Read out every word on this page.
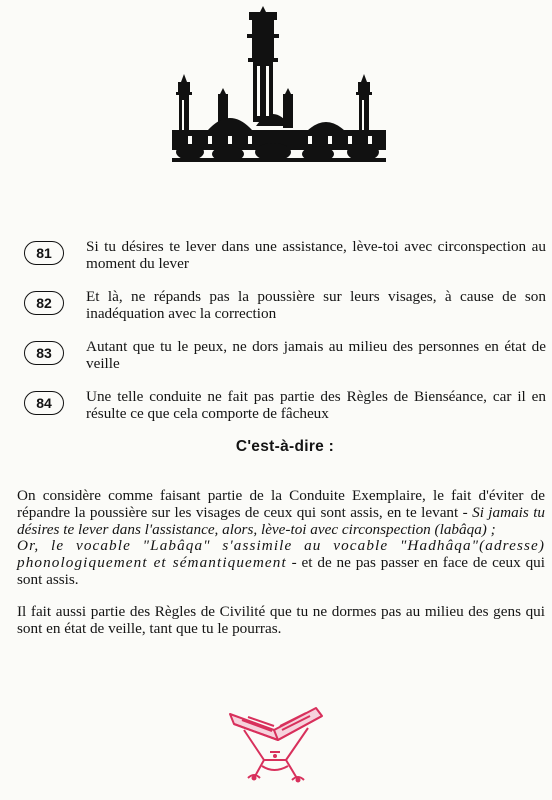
81	Si tu désires te lever dans une assistance, lève-toi avec circonspection au moment du lever
82	Et là, ne répands pas la poussière sur leurs visages, à cause de son inadéquation avec la correction
83	Autant que tu le peux, ne dors jamais au milieu des personnes en état de veille
84	Une telle conduite ne fait pas partie des Règles de Bienséance, car il en résulte ce que cela comporte de fâcheux
C'est-à-dire :
On considère comme faisant partie de la Conduite Exemplaire, le fait d'éviter de répandre la poussière sur les visages de ceux qui sont assis, en te levant - Si jamais tu désires te lever dans l'assistance, alors, lève-toi avec circonspection (labâqa) ;
Or, le vocable "Labâqa" s'assimile au vocable "Hadhâqa"(adresse) phonologiquement et sémantiquement - et de ne pas passer en face de ceux qui sont assis.
Il fait aussi partie des Règles de Civilité que tu ne dormes pas au milieu des gens qui sont en état de veille, tant que tu le pourras.
